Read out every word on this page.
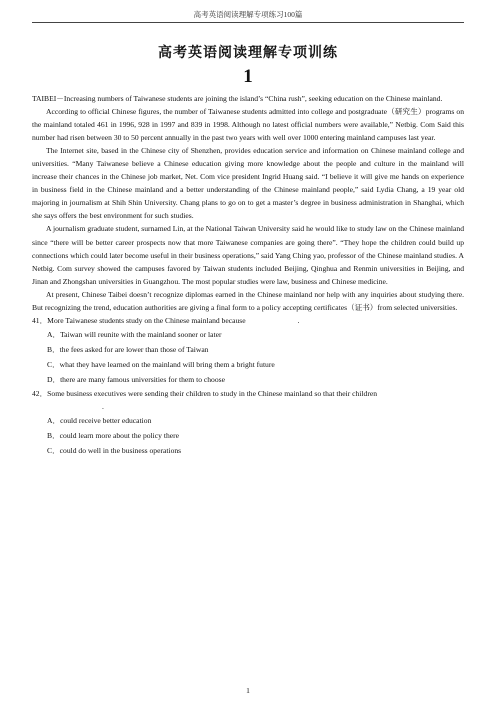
高考英语阅读理解专项练习100篇
高考英语阅读理解专项训练
1

TAIBEI－Increasing numbers of Taiwanese students are joining the island’s “China rush”, seeking education on the Chinese mainland.

According to official Chinese figures, the number of Taiwanese students admitted into college and postgraduate（研究生）programs on the mainland totaled 461 in 1996, 928 in 1997 and 839 in 1998. Although no latest official numbers were available,” Netbig. Com Said this number had risen between 30 to 50 percent annually in the past two years with well over 1000 entering mainland campuses last year.

The Internet site, based in the Chinese city of Shenzhen, provides education service and information on Chinese mainland college and universities. “Many Taiwanese believe a Chinese education giving more knowledge about the people and culture in the mainland will increase their chances in the Chinese job market, Net. Com vice president Ingrid Huang said. “I believe it will give me hands on experience in business field in the Chinese mainland and a better understanding of the Chinese mainland people,” said Lydia Chang, a 19 year old majoring in journalism at Shih Shin University. Chang plans to go on to get a master’s degree in business administration in Shanghai, which she says offers the best environment for such studies.

A journalism graduate student, surnamed Lin, at the National Taiwan University said he would like to study law on the Chinese mainland since “there will be better career prospects now that more Taiwanese companies are going there”. “They hope the children could build up connections which could later become useful in their business operations,” said Yang Ching yao, professor of the Chinese mainland studies. A Netbig. Com survey showed the campuses favored by Taiwan students included Beijing, Qinghua and Renmin universities in Beijing, and Jinan and Zhongshan universities in Guangzhou. The most popular studies were law, business and Chinese medicine.

At present, Chinese Taibei doesn’t recognize diplomas earned in the Chinese mainland nor help with any inquiries about studying there. But recognizing the trend, education authorities are giving a final form to a policy accepting certificates（证书）from selected universities.

41．More Taiwanese students study on the Chinese mainland because	.
A．Taiwan will reunite with the mainland sooner or later
B．the fees asked for are lower than those of Taiwan
C．what they have learned on the mainland will bring them a bright future
D．there are many famous universities for them to choose
42．Some business executives were sending their children to study in the Chinese mainland so that their children
.
A．could receive better education
B．could learn more about the policy there
C．could do well in the business operations
1
